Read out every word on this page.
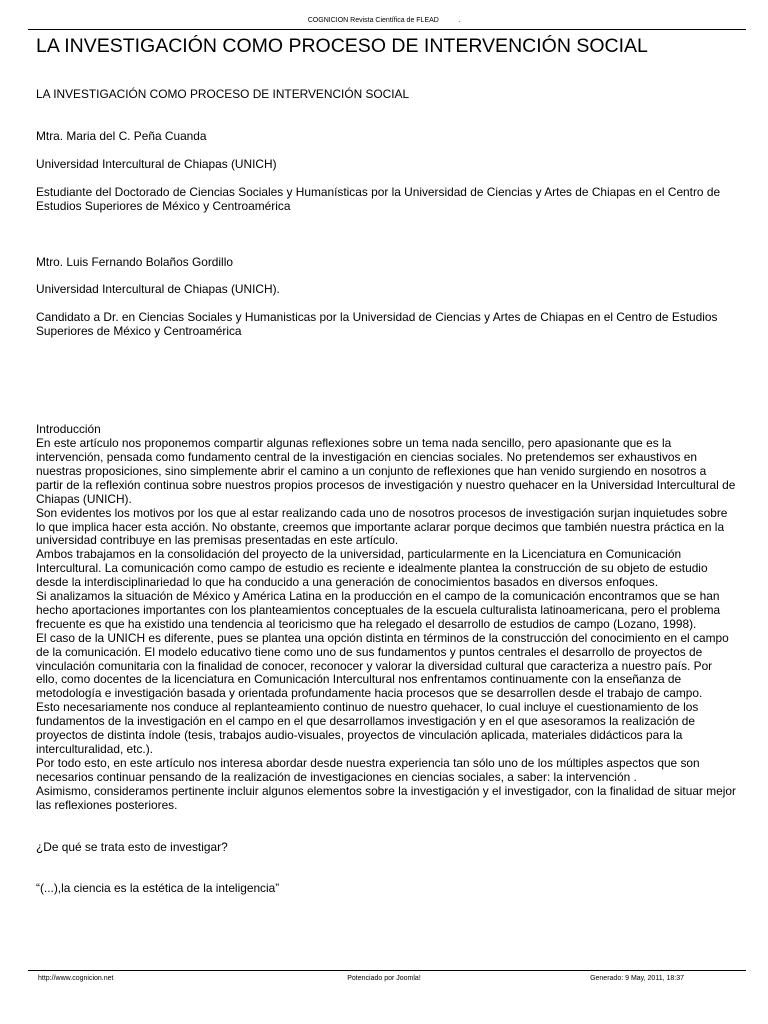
COGNICION Revista Científica de FLEAD          .
LA INVESTIGACIÓN COMO PROCESO DE INTERVENCIÓN SOCIAL

LA INVESTIGACIÓN COMO PROCESO DE INTERVENCIÓN SOCIAL

Mtra. Maria del C. Peña Cuanda

Universidad Intercultural de Chiapas (UNICH)

Estudiante del Doctorado de Ciencias Sociales y Humanísticas por la Universidad de Ciencias y Artes de Chiapas en el Centro de Estudios Superiores de México y Centroamérica

Mtro. Luis Fernando Bolaños Gordillo

Universidad Intercultural de Chiapas (UNICH).

Candidato a Dr. en Ciencias Sociales y Humanisticas por la Universidad de Ciencias y Artes de Chiapas en el Centro de Estudios Superiores de México y Centroamérica

Introducción

En este artículo nos proponemos compartir algunas reflexiones sobre un tema nada sencillo, pero apasionante que es la intervención, pensada como fundamento central de la investigación en ciencias sociales. No pretendemos ser exhaustivos en nuestras proposiciones, sino simplemente abrir el camino a un conjunto de reflexiones que han venido surgiendo en nosotros a partir de la reflexión continua sobre nuestros propios procesos de investigación y nuestro quehacer en la Universidad Intercultural de Chiapas (UNICH).

Son evidentes los motivos por los que al estar realizando cada uno de nosotros procesos de investigación surjan inquietudes sobre lo que implica hacer esta acción. No obstante, creemos que importante aclarar porque decimos que también nuestra práctica en la universidad contribuye en las premisas presentadas en este artículo.

Ambos trabajamos en la consolidación del proyecto de la universidad, particularmente en la Licenciatura en Comunicación Intercultural. La comunicación como campo de estudio es reciente e idealmente plantea la construcción de su objeto de estudio desde la interdisciplinariedad lo que ha conducido a una generación de conocimientos basados en diversos enfoques.

Si analizamos la situación de México y América Latina en la producción en el campo de la comunicación encontramos que se han hecho aportaciones importantes con los planteamientos conceptuales de la escuela culturalista latinoamericana, pero el problema frecuente es que ha existido una tendencia al teoricismo que ha relegado el desarrollo de estudios de campo (Lozano, 1998).

El caso de la UNICH es diferente, pues se plantea una opción distinta en términos de la construcción del conocimiento en el campo de la comunicación. El modelo educativo tiene como uno de sus fundamentos y puntos centrales el desarrollo de proyectos de vinculación comunitaria con la finalidad de conocer, reconocer y valorar la diversidad cultural que caracteriza a nuestro país. Por ello, como docentes de la licenciatura en Comunicación Intercultural nos enfrentamos continuamente con la enseñanza de metodología e investigación basada y orientada profundamente hacia procesos que se desarrollen desde el trabajo de campo.

Esto necesariamente nos conduce al replanteamiento continuo de nuestro quehacer, lo cual incluye el cuestionamiento de los fundamentos de la investigación en el campo en el que desarrollamos investigación y en el que asesoramos la realización de proyectos de distinta índole (tesis, trabajos audio-visuales, proyectos de vinculación aplicada, materiales didácticos para la interculturalidad, etc.).

Por todo esto, en este artículo nos interesa abordar desde nuestra experiencia tan sólo uno de los múltiples aspectos que son necesarios continuar pensando de la realización de investigaciones en ciencias sociales, a saber: la intervención .

Asimismo, consideramos pertinente incluir algunos elementos sobre la investigación y el investigador, con la finalidad de situar mejor las reflexiones posteriores.

¿De qué se trata esto de investigar?

“(...),la ciencia es la estética de la inteligencia”

http://www.cognicion.net	Potenciado por Joomla!	Generado: 9 May, 2011, 18:37
